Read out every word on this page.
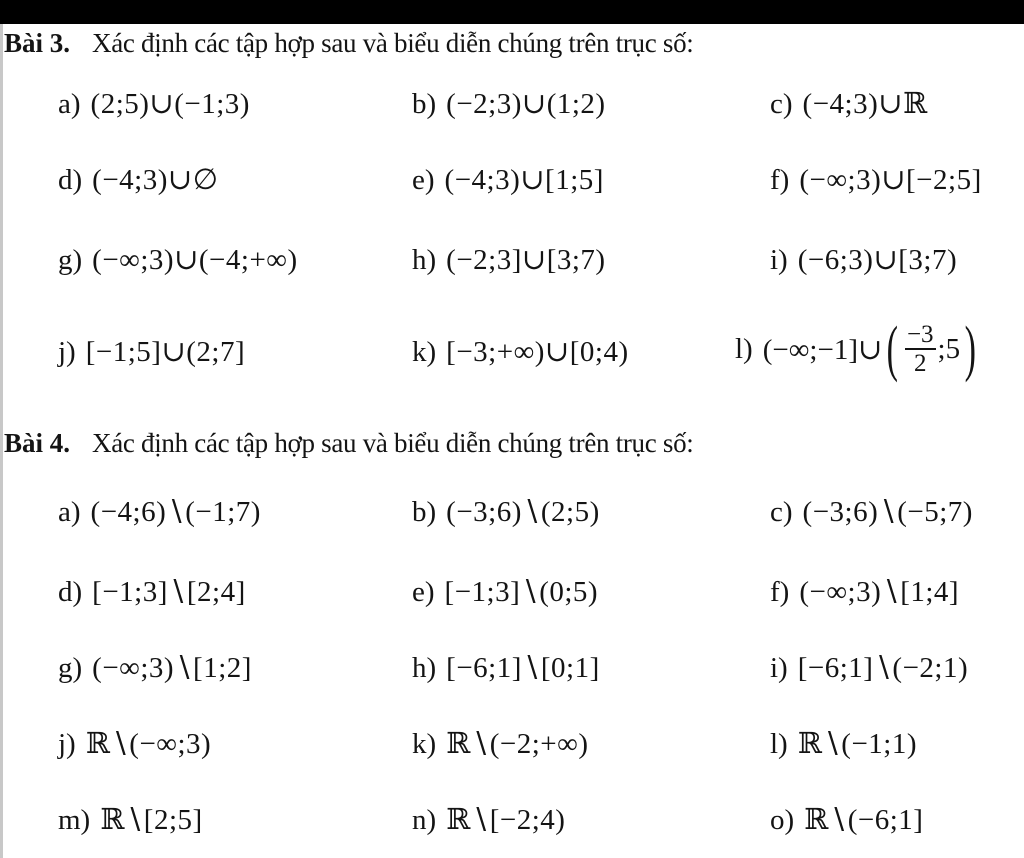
Bài 3. Xác định các tập hợp sau và biểu diễn chúng trên trục số:
a) (2;5)∪(−1;3)	b) (−2;3)∪(1;2)	c) (−4;3)∪ℝ
d) (−4;3)∪∅	e) (−4;3)∪[1;5]	f) (−∞;3)∪[−2;5]
g) (−∞;3)∪(−4;+∞)	h) (−2;3]∪[3;7)	i) (−6;3)∪[3;7)
j) [−1;5]∪(2;7]	k) [−3;+∞)∪[0;4)	l) (−∞;−1]∪ ( $\frac{-3}{2}$ ;5 )
Bài 4. Xác định các tập hợp sau và biểu diễn chúng trên trục số:
a) (−4;6)∖(−1;7)	b) (−3;6)∖(2;5)	c) (−3;6)∖(−5;7)
d) [−1;3]∖[2;4]	e) [−1;3]∖(0;5)	f) (−∞;3)∖[1;4]
g) (−∞;3)∖[1;2]	h) [−6;1]∖[0;1]	i) [−6;1]∖(−2;1)
j) ℝ∖(−∞;3)	k) ℝ∖(−2;+∞)	l) ℝ∖(−1;1)
m) ℝ∖[2;5]	n) ℝ∖[−2;4)	o) ℝ∖(−6;1]
